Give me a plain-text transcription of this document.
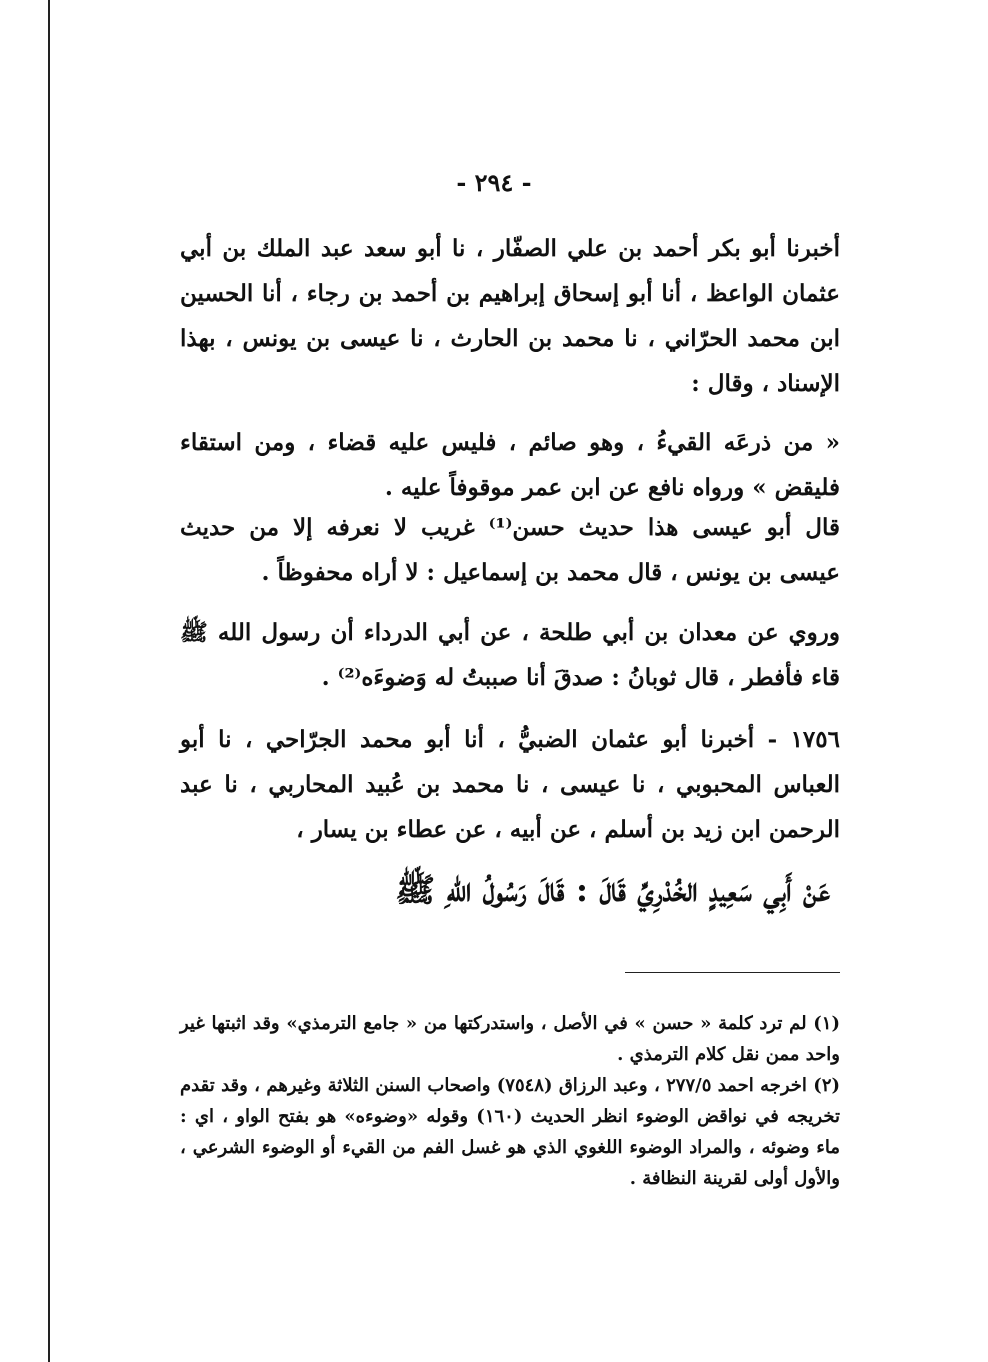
- ٢٩٤ -

أخبرنا أبو بكر أحمد بن علي الصفّار ، نا أبو سعد عبد الملك بن أبي عثمان الواعظ ، أنا أبو إسحاق إبراهيم بن أحمد بن رجاء ، أنا الحسين ابن محمد الحرّاني ، نا محمد بن الحارث ، نا عيسى بن يونس ، بهذا الإسناد ، وقال :

« من ذرعَه القيءُ ، وهو صائم ، فليس عليه قضاء ، ومن استقاء فليقض » ورواه نافع عن ابن عمر موقوفاً عليه .

قال أبو عيسى هذا حديث حسن⁽¹⁾ غريب لا نعرفه إلا من حديث عيسى بن يونس ، قال محمد بن إسماعيل : لا أراه محفوظاً .

وروي عن معدان بن أبي طلحة ، عن أبي الدرداء أن رسول الله ﷺ قاء فأفطر ، قال ثوبانُ : صدقَ أنا صببتُ له وَضوءَه⁽²⁾ .

١٧٥٦ - أخبرنا أبو عثمان الضبيُّ ، أنا أبو محمد الجرّاحي ، نا أبو العباس المحبوبي ، نا عيسى ، نا محمد بن عُبيد المحاربي ، نا عبد الرحمن ابن زيد بن أسلم ، عن أبيه ، عن عطاء بن يسار ،

عَنْ أَبِي سَعِيدٍ الخُدْرِيِّ قَالَ : قَالَ رَسُولُ اللهِ ﷺ

(١) لم ترد كلمة « حسن » في الأصل ، واستدركتها من « جامع الترمذي» وقد اثبتها غير واحد ممن نقل كلام الترمذي .

(٢) اخرجه احمد ٢٧٧/٥ ، وعبد الرزاق (٧٥٤٨) واصحاب السنن الثلاثة وغيرهم ، وقد تقدم تخريجه في نواقض الوضوء انظر الحديث (١٦٠) وقوله «وضوءه» هو بفتح الواو ، اي : ماء وضوئه ، والمراد الوضوء اللغوي الذي هو غسل الفم من القيء أو الوضوء الشرعي ، والأول أولى لقرينة النظافة .
